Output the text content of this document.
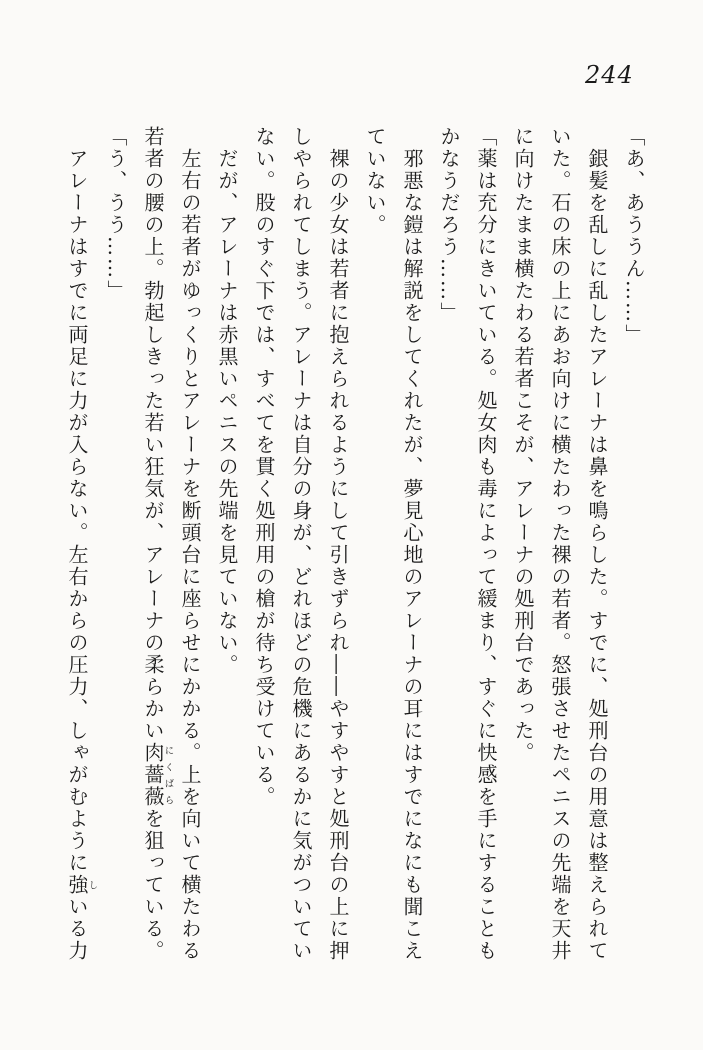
244

「あ、あううん……」

銀髪を乱しに乱したアレーナは鼻を鳴らした。すでに、処刑台の用意は整えられていた。石の床の上にあお向けに横たわった裸の若者。怒張させたペニスの先端を天井に向けたまま横たわる若者こそが、アレーナの処刑台であった。

「薬は充分にきいている。処女肉も毒によって緩まり、すぐに快感を手にすることもかなうだろう……」

邪悪な鎧は解説をしてくれたが、夢見心地のアレーナの耳にはすでになにも聞こえていない。

裸の少女は若者に抱えられるようにして引きずられ――やすやすと処刑台の上に押しやられてしまう。アレーナは自分の身が、どれほどの危機にあるかに気がついていない。股のすぐ下では、すべてを貫く処刑用の槍が待ち受けている。

だが、アレーナは赤黒いペニスの先端を見ていない。

左右の若者がゆっくりとアレーナを断頭台に座らせにかかる。上を向いて横たわる若者の腰の上。勃起しきった若い狂気が、アレーナの柔らかい肉薔薇にくばらを狙っている。

「う、うう……」

アレーナはすでに両足に力が入らない。左右からの圧力、しゃがむように強しいる力
